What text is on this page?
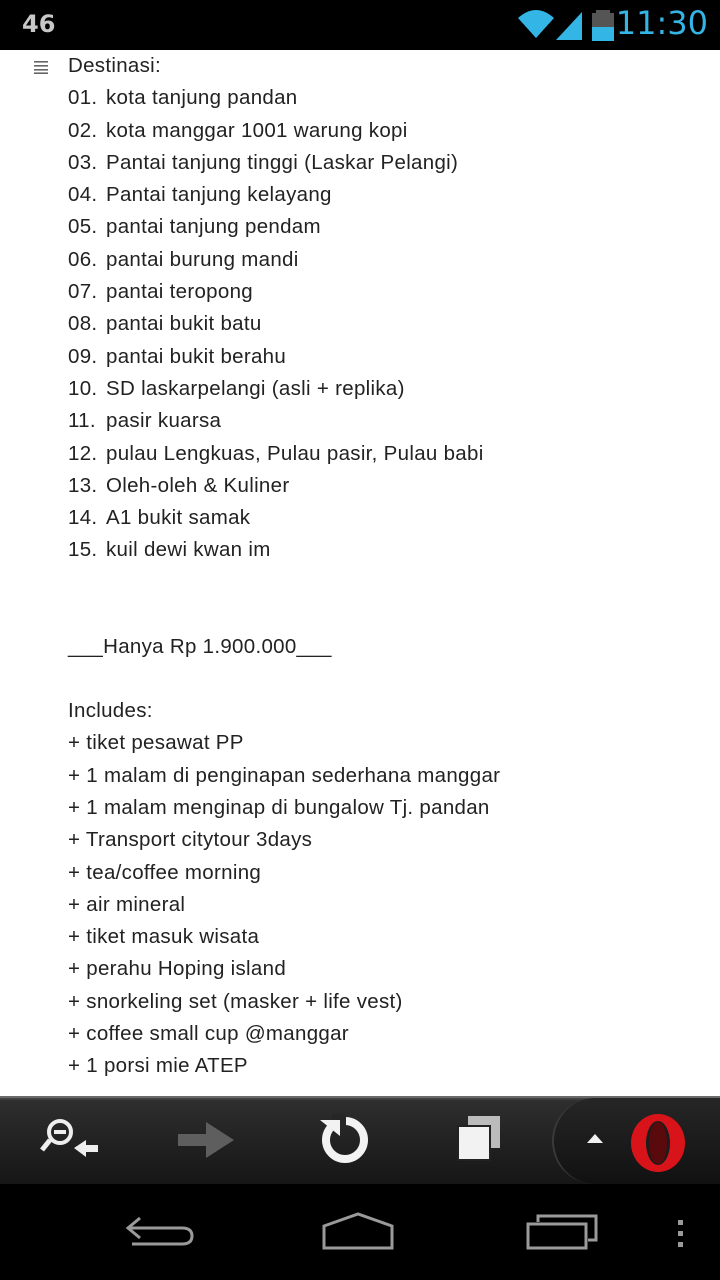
46	11:30
Destinasi:
01. kota tanjung pandan
02. kota manggar 1001 warung kopi
03. Pantai tanjung tinggi (Laskar Pelangi)
04. Pantai tanjung kelayang
05. pantai tanjung pendam
06. pantai burung mandi
07. pantai teropong
08. pantai bukit batu
09. pantai bukit berahu
10. SD laskarpelangi (asli + replika)
11. pasir kuarsa
12. pulau Lengkuas, Pulau pasir, Pulau babi
13. Oleh-oleh & Kuliner
14. A1 bukit samak
15. kuil dewi kwan im
___Hanya Rp 1.900.000___
Includes:
+ tiket pesawat PP
+ 1 malam di penginapan sederhana manggar
+ 1 malam menginap di bungalow Tj. pandan
+ Transport citytour 3days
+ tea/coffee morning
+ air mineral
+ tiket masuk wisata
+ perahu Hoping island
+ snorkeling set (masker + life vest)
+ coffee small cup @manggar
+ 1 porsi mie ATEP
